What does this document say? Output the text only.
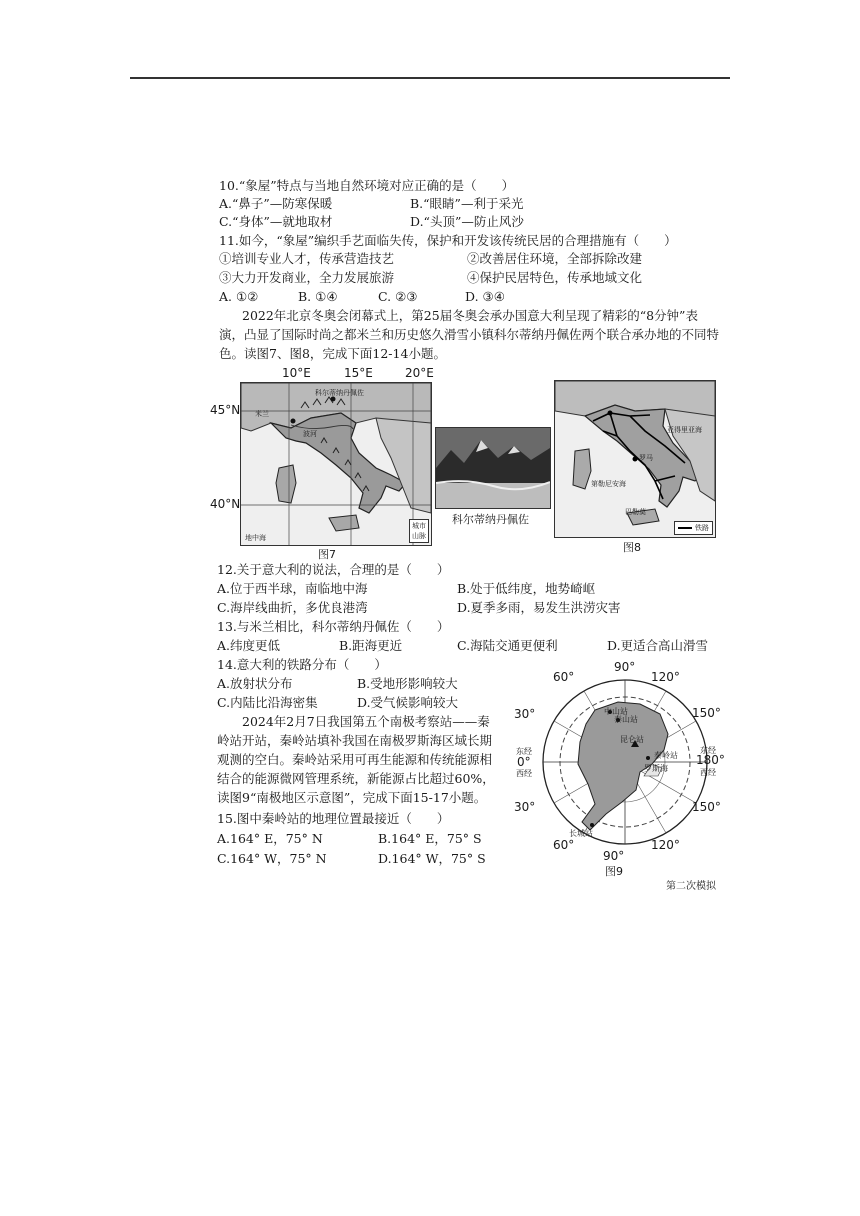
10.“象屋”特点与当地自然环境对应正确的是（　　）
A.“鼻子”—防寒保暖	B.“眼睛”—利于采光
C.“身体”—就地取材	D.“头顶”—防止风沙
11.如今，“象屋”编织手艺面临失传，保护和开发该传统民居的合理措施有（　　）
①培训专业人才，传承营造技艺	②改善居住环境，全部拆除改建
③大力开发商业，全力发展旅游	④保护民居特色，传承地域文化
A. ①②	B. ①④	C. ②③	D. ③④
2022年北京冬奥会闭幕式上，第25届冬奥会承办国意大利呈现了精彩的“8分钟”表
演，凸显了国际时尚之都米兰和历史悠久滑雪小镇科尔蒂纳丹佩佐两个联合承办地的不同特
色。读图7、图8，完成下面12-14小题。
10°E	15°E	20°E
45°N
40°N
米兰
科尔蒂纳丹佩佐
波河
地中海
城市
山脉
图7
科尔蒂纳丹佩佐
罗马
第勒尼安海
亚得里亚海
巴勒莫
铁路
图8
12.关于意大利的说法，合理的是（　　）
A.位于西半球，南临地中海	B.处于低纬度，地势崎岖
C.海岸线曲折，多优良港湾	D.夏季多雨，易发生洪涝灾害
13.与米兰相比，科尔蒂纳丹佩佐（　　）
A.纬度更低	B.距海更近	C.海陆交通更便利	D.更适合高山滑雪
14.意大利的铁路分布（　　）
A.放射状分布	B.受地形影响较大
C.内陆比沿海密集	D.受气候影响较大
2024年2月7日我国第五个南极考察站——秦
岭站开站，秦岭站填补我国在南极罗斯海区域长期
观测的空白。秦岭站采用可再生能源和传统能源相
结合的能源微网管理系统，新能源占比超过60%，
读图9“南极地区示意图”，完成下面15-17小题。
15.图中秦岭站的地理位置最接近（　　）
A.164° E，75° N	B.164° E，75° S
C.164° W，75° N	D.164° W，75° S
中山站
泰山站
昆仑站
秦岭站
罗斯海
长城站
90°
60°	120°
30°	150°
东经
0°
西经
东经
180°
西经
30°	150°
60°
90°
120°
图9
第二次模拟
